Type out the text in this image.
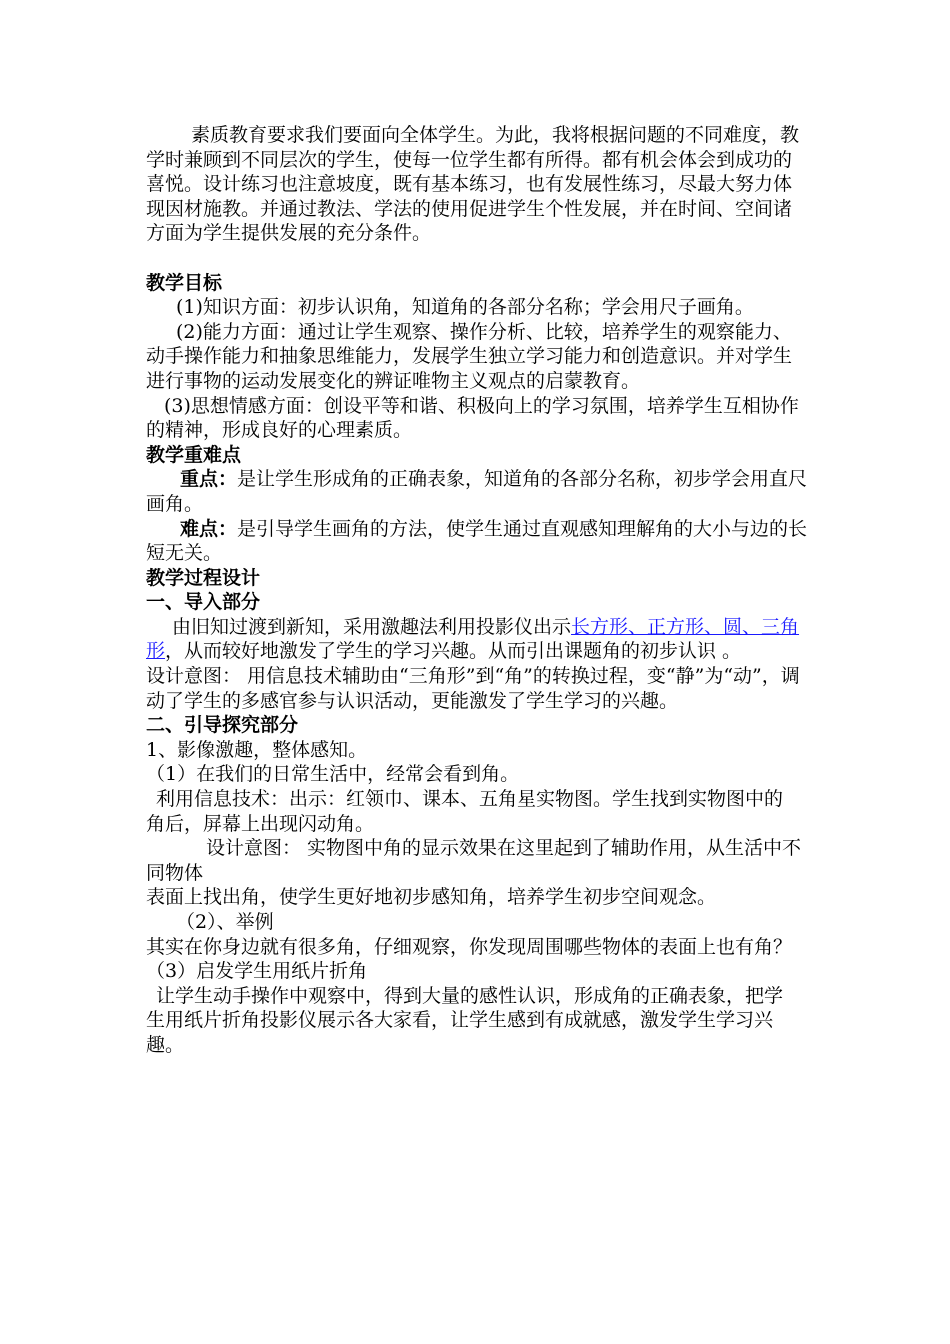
素质教育要求我们要面向全体学生。为此，我将根据问题的不同难度，教学时兼顾到不同层次的学生，使每一位学生都有所得。都有机会体会到成功的喜悦。设计练习也注意坡度，既有基本练习，也有发展性练习，尽最大努力体现因材施教。并通过教法、学法的使用促进学生个性发展，并在时间、空间诸方面为学生提供发展的充分条件。

教学目标

(1)知识方面：初步认识角，知道角的各部分名称；学会用尺子画角。

(2)能力方面：通过让学生观察、操作分析、比较，培养学生的观察能力、动手操作能力和抽象思维能力，发展学生独立学习能力和创造意识。并对学生进行事物的运动发展变化的辨证唯物主义观点的启蒙教育。

(3)思想情感方面：创设平等和谐、积极向上的学习氛围，培养学生互相协作的精神，形成良好的心理素质。

教学重难点

重点：是让学生形成角的正确表象，知道角的各部分名称，初步学会用直尺画角。

难点：是引导学生画角的方法，使学生通过直观感知理解角的大小与边的长短无关。

教学过程设计

一、导入部分

由旧知过渡到新知，采用激趣法利用投影仪出示长方形、正方形、圆、三角形，从而较好地激发了学生的学习兴趣。从而引出课题角的初步认识 。

设计意图： 用信息技术辅助由“三角形”到“角”的转换过程，变“静”为“动”，调动了学生的多感官参与认识活动，更能激发了学生学习的兴趣。

二、引导探究部分

1、影像激趣，整体感知。

（1）在我们的日常生活中，经常会看到角。

利用信息技术：出示：红领巾、课本、五角星实物图。学生找到实物图中的

角后，屏幕上出现闪动角。

设计意图： 实物图中角的显示效果在这里起到了辅助作用，从生活中不同物体

表面上找出角，使学生更好地初步感知角，培养学生初步空间观念。

（2）、举例

其实在你身边就有很多角，仔细观察，你发现周围哪些物体的表面上也有角？

（3）启发学生用纸片折角

让学生动手操作中观察中，得到大量的感性认识，形成角的正确表象，把学

生用纸片折角投影仪展示各大家看，让学生感到有成就感，激发学生学习兴趣。
